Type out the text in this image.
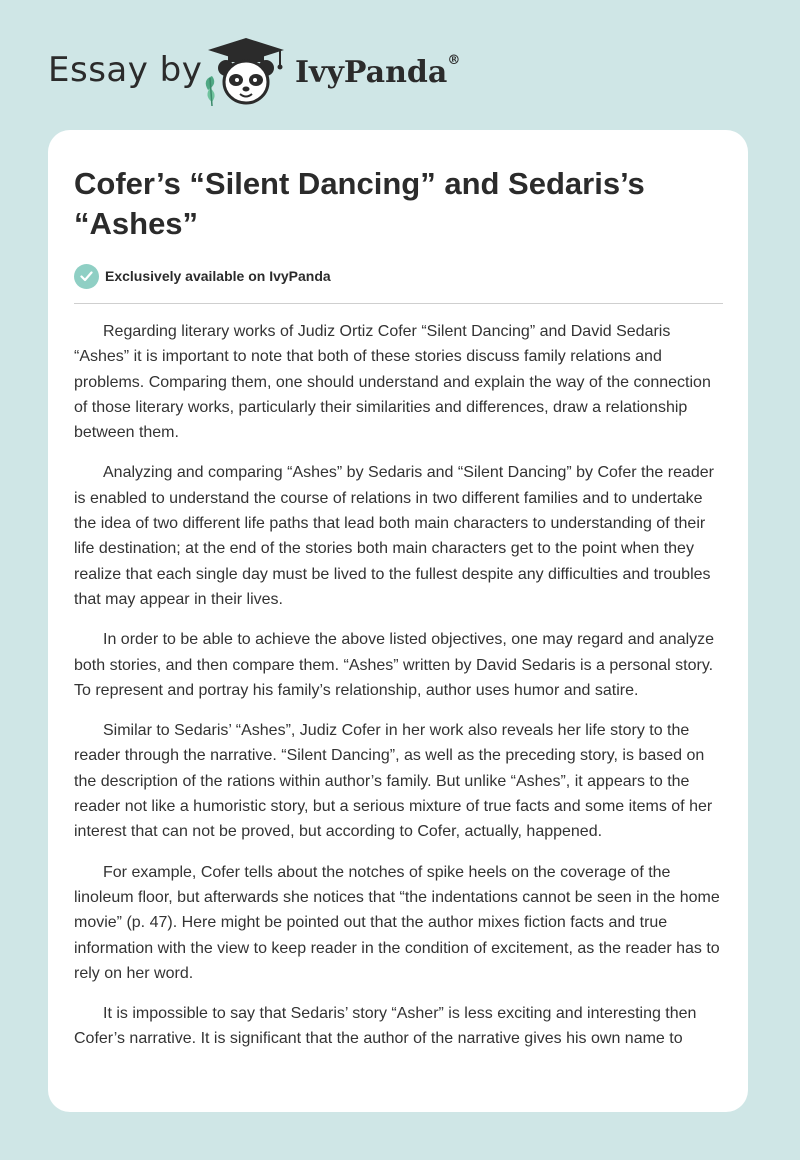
Essay by	IvyPanda®
Cofer’s “Silent Dancing” and Sedaris’s “Ashes”
Exclusively available on IvyPanda

Regarding literary works of Judiz Ortiz Cofer “Silent Dancing” and David Sedaris “Ashes” it is important to note that both of these stories discuss family relations and problems. Comparing them, one should understand and explain the way of the connection of those literary works, particularly their similarities and differences, draw a relationship between them.

Analyzing and comparing “Ashes” by Sedaris and “Silent Dancing” by Cofer the reader is enabled to understand the course of relations in two different families and to undertake the idea of two different life paths that lead both main characters to understanding of their life destination; at the end of the stories both main characters get to the point when they realize that each single day must be lived to the fullest despite any difficulties and troubles that may appear in their lives.

In order to be able to achieve the above listed objectives, one may regard and analyze both stories, and then compare them. “Ashes” written by David Sedaris is a personal story. To represent and portray his family’s relationship, author uses humor and satire.

Similar to Sedaris’ “Ashes”, Judiz Cofer in her work also reveals her life story to the reader through the narrative. “Silent Dancing”, as well as the preceding story, is based on the description of the rations within author’s family. But unlike “Ashes”, it appears to the reader not like a humoristic story, but a serious mixture of true facts and some items of her interest that can not be proved, but according to Cofer, actually, happened.

For example, Cofer tells about the notches of spike heels on the coverage of the linoleum floor, but afterwards she notices that “the indentations cannot be seen in the home movie” (p. 47). Here might be pointed out that the author mixes fiction facts and true information with the view to keep reader in the condition of excitement, as the reader has to rely on her word.

It is impossible to say that Sedaris’ story “Asher” is less exciting and interesting then Cofer’s narrative. It is significant that the author of the narrative gives his own name to
